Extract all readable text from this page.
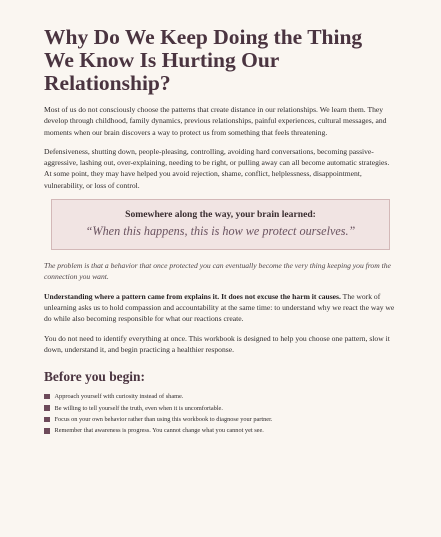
Why Do We Keep Doing the Thing We Know Is Hurting Our Relationship?

Most of us do not consciously choose the patterns that create distance in our relationships. We learn them. They develop through childhood, family dynamics, previous relationships, painful experiences, cultural messages, and moments when our brain discovers a way to protect us from something that feels threatening.

Defensiveness, shutting down, people-pleasing, controlling, avoiding hard conversations, becoming passive-aggressive, lashing out, over-explaining, needing to be right, or pulling away can all become automatic strategies. At some point, they may have helped you avoid rejection, shame, conflict, helplessness, disappointment, vulnerability, or loss of control.

Somewhere along the way, your brain learned:
“When this happens, this is how we protect ourselves.”

The problem is that a behavior that once protected you can eventually become the very thing keeping you from the connection you want.

Understanding where a pattern came from explains it. It does not excuse the harm it causes. The work of unlearning asks us to hold compassion and accountability at the same time: to understand why we react the way we do while also becoming responsible for what our reactions create.

You do not need to identify everything at once. This workbook is designed to help you choose one pattern, slow it down, understand it, and begin practicing a healthier response.

Before you begin:
Approach yourself with curiosity instead of shame.
Be willing to tell yourself the truth, even when it is uncomfortable.
Focus on your own behavior rather than using this workbook to diagnose your partner.
Remember that awareness is progress. You cannot change what you cannot yet see.
